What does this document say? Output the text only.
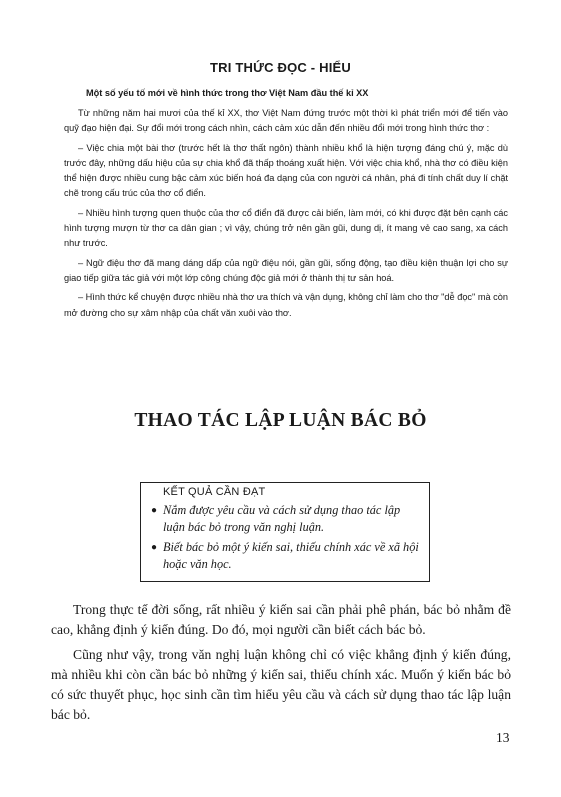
TRI THỨC ĐỌC - HIỂU
Một số yếu tố mới về hình thức trong thơ Việt Nam đầu thế kỉ XX

Từ những năm hai mươi của thế kỉ XX, thơ Việt Nam đứng trước một thời kì phát triển mới để tiến vào quỹ đạo hiện đại. Sự đổi mới trong cách nhìn, cách cảm xúc dẫn đến nhiều đổi mới trong hình thức thơ :

– Việc chia một bài thơ (trước hết là thơ thất ngôn) thành nhiều khổ là hiện tượng đáng chú ý, mặc dù trước đây, những dấu hiệu của sự chia khổ đã thấp thoáng xuất hiện. Với việc chia khổ, nhà thơ có điều kiện thể hiện được nhiều cung bậc cảm xúc biến hoá đa dạng của con người cá nhân, phá đi tính chất duy lí chặt chẽ trong cấu trúc của thơ cổ điển.

– Nhiều hình tượng quen thuộc của thơ cổ điển đã được cải biến, làm mới, có khi được đặt bên cạnh các hình tượng mượn từ thơ ca dân gian ; vì vậy, chúng trở nên gần gũi, dung dị, ít mang vẻ cao sang, xa cách như trước.

– Ngữ điệu thơ đã mang dáng dấp của ngữ điệu nói, gần gũi, sống động, tạo điều kiện thuận lợi cho sự giao tiếp giữa tác giả với một lớp công chúng độc giả mới ở thành thị tư sản hoá.

– Hình thức kể chuyện được nhiều nhà thơ ưa thích và vận dụng, không chỉ làm cho thơ "dễ đọc" mà còn mở đường cho sự xâm nhập của chất văn xuôi vào thơ.

THAO TÁC LẬP LUẬN BÁC BỎ
KẾT QUẢ CẦN ĐẠT
● Nắm được yêu cầu và cách sử dụng thao tác lập luận bác bỏ trong văn nghị luận.
● Biết bác bỏ một ý kiến sai, thiếu chính xác về xã hội hoặc văn học.

Trong thực tế đời sống, rất nhiều ý kiến sai cần phải phê phán, bác bỏ nhằm đề cao, khẳng định ý kiến đúng. Do đó, mọi người cần biết cách bác bỏ.

Cũng như vậy, trong văn nghị luận không chỉ có việc khẳng định ý kiến đúng, mà nhiều khi còn cần bác bỏ những ý kiến sai, thiếu chính xác. Muốn ý kiến bác bỏ có sức thuyết phục, học sinh cần tìm hiểu yêu cầu và cách sử dụng thao tác lập luận bác bỏ.

13
